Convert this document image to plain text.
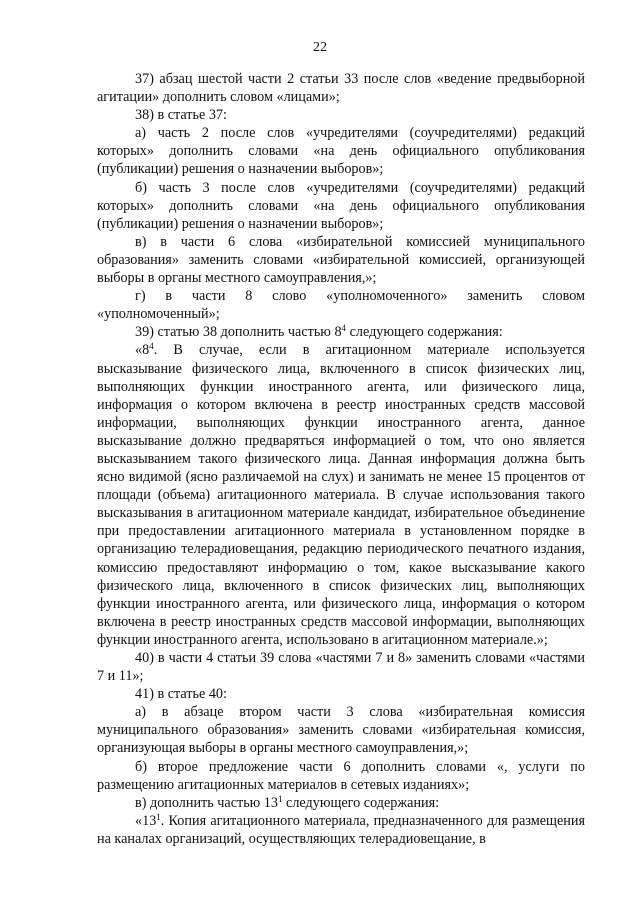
22

37) абзац шестой части 2 статьи 33 после слов «ведение предвыборной агитации» дополнить словом «лицами»;

38) в статье 37:

а) часть 2 после слов «учредителями (соучредителями) редакций которых» дополнить словами «на день официального опубликования (публикации) решения о назначении выборов»;

б) часть 3 после слов «учредителями (соучредителями) редакций которых» дополнить словами «на день официального опубликования (публикации) решения о назначении выборов»;

в) в части 6 слова «избирательной комиссией муниципального образования» заменить словами «избирательной комиссией, организующей выборы в органы местного самоуправления,»;

г) в части 8 слово «уполномоченного» заменить словом «уполномоченный»;

39) статью 38 дополнить частью $8^4$ следующего содержания:

«$8^4$. В случае, если в агитационном материале используется высказывание физического лица, включенного в список физических лиц, выполняющих функции иностранного агента, или физического лица, информация о котором включена в реестр иностранных средств массовой информации, выполняющих функции иностранного агента, данное высказывание должно предваряться информацией о том, что оно является высказыванием такого физического лица. Данная информация должна быть ясно видимой (ясно различаемой на слух) и занимать не менее 15 процентов от площади (объема) агитационного материала. В случае использования такого высказывания в агитационном материале кандидат, избирательное объединение при предоставлении агитационного материала в установленном порядке в организацию телерадиовещания, редакцию периодического печатного издания, комиссию предоставляют информацию о том, какое высказывание какого физического лица, включенного в список физических лиц, выполняющих функции иностранного агента, или физического лица, информация о котором включена в реестр иностранных средств массовой информации, выполняющих функции иностранного агента, использовано в агитационном материале.»;

40) в части 4 статьи 39 слова «частями 7 и 8» заменить словами «частями 7 и 11»;

41) в статье 40:

а) в абзаце втором части 3 слова «избирательная комиссия муниципального образования» заменить словами «избирательная комиссия, организующая выборы в органы местного самоуправления,»;

б) второе предложение части 6 дополнить словами «, услуги по размещению агитационных материалов в сетевых изданиях»;

в) дополнить частью $13^1$ следующего содержания:

«$13^1$. Копия агитационного материала, предназначенного для размещения на каналах организаций, осуществляющих телерадиовещание, в
